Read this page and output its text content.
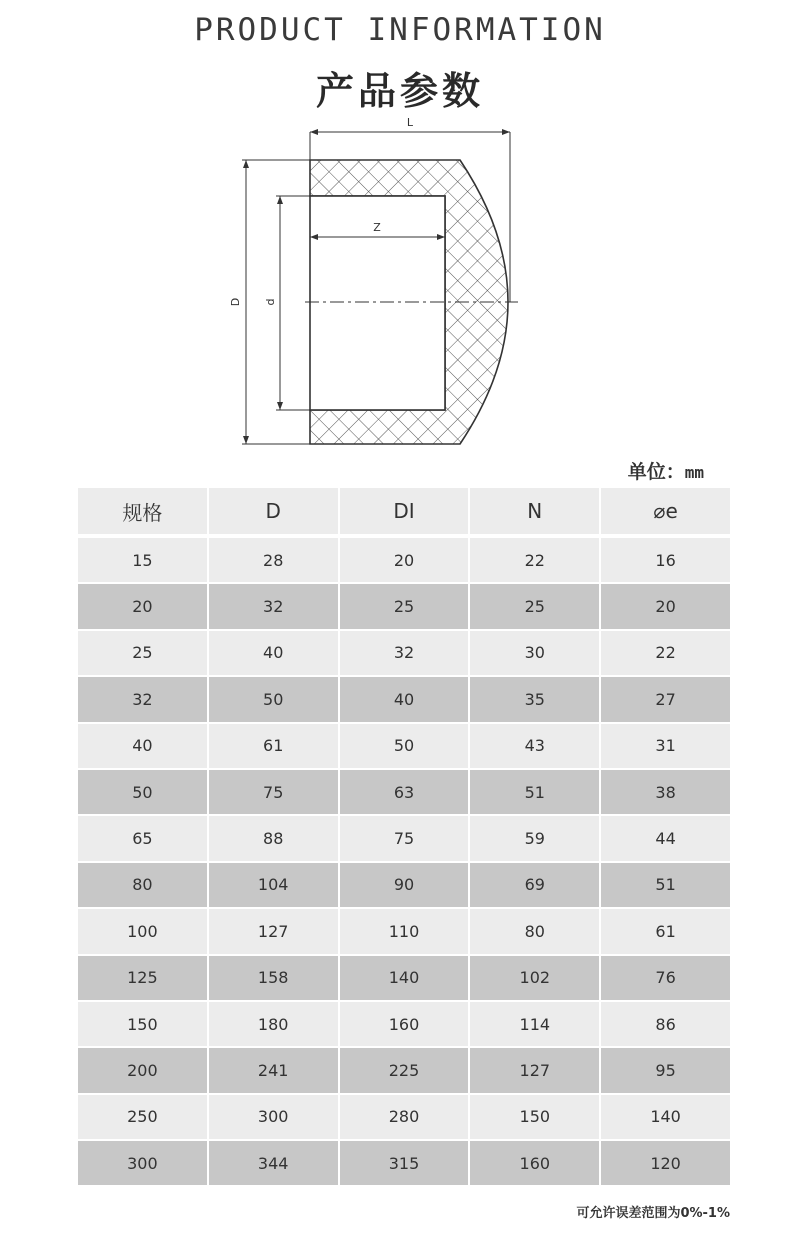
PRODUCT INFORMATION
产品参数
L
Z
D d
单位：mm
规格	D	DI	N	⌀e
15	28	20	22	16
20	32	25	25	20
25	40	32	30	22
32	50	40	35	27
40	61	50	43	31
50	75	63	51	38
65	88	75	59	44
80	104	90	69	51
100	127	110	80	61
125	158	140	102	76
150	180	160	114	86
200	241	225	127	95
250	300	280	150	140
300	344	315	160	120
可允许误差范围为0%-1%
